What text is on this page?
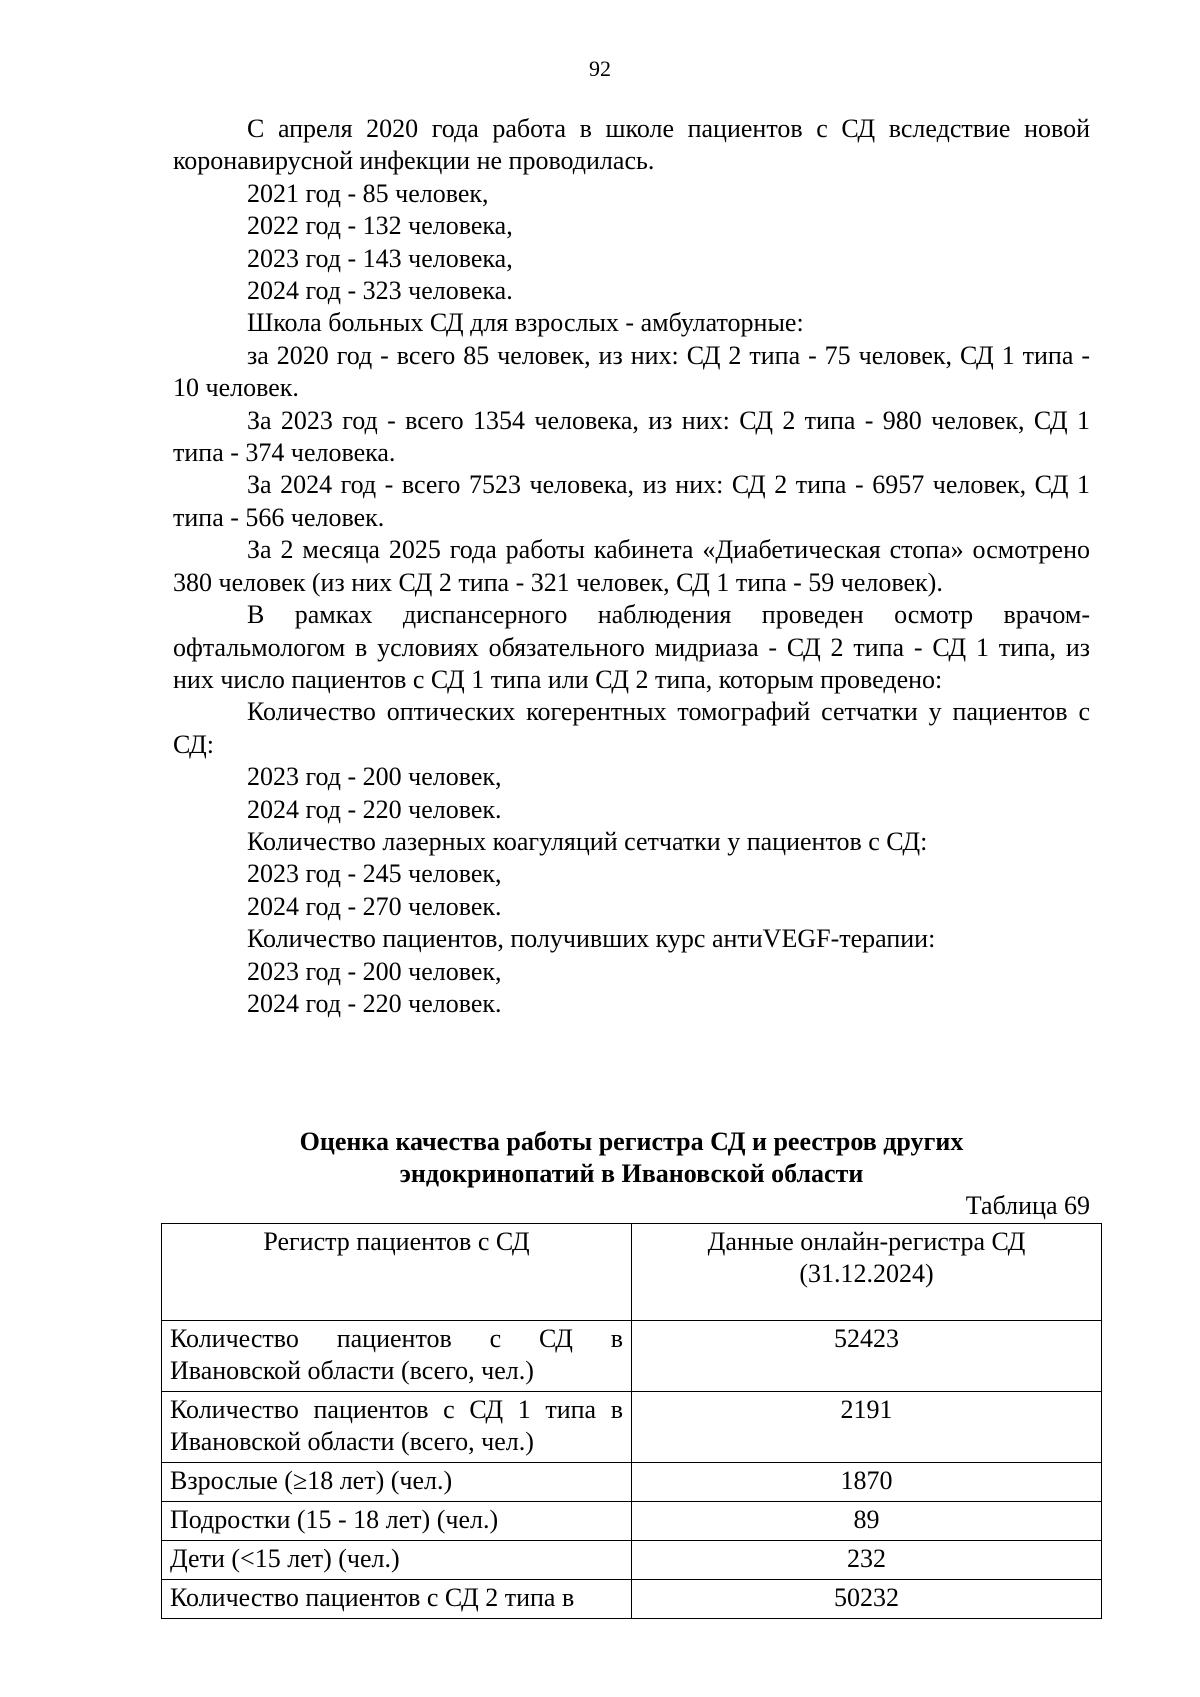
92

С апреля 2020 года работа в школе пациентов с СД вследствие новой коронавирусной инфекции не проводилась.

2021 год - 85 человек,

2022 год - 132 человека,

2023 год - 143 человека,

2024 год - 323 человека.

Школа больных СД для взрослых - амбулаторные:

за 2020 год - всего 85 человек, из них: СД 2 типа - 75 человек, СД 1 типа - 10 человек.

За 2023 год - всего 1354 человека, из них: СД 2 типа - 980 человек, СД 1 типа - 374 человека.

За 2024 год - всего 7523 человека, из них: СД 2 типа - 6957 человек, СД 1 типа - 566 человек.

За 2 месяца 2025 года работы кабинета «Диабетическая стопа» осмотрено 380 человек (из них СД 2 типа - 321 человек, СД 1 типа - 59 человек).

В рамках диспансерного наблюдения проведен осмотр врачом-офтальмологом в условиях обязательного мидриаза - СД 2 типа - СД 1 типа, из них число пациентов с СД 1 типа или СД 2 типа, которым проведено:

Количество оптических когерентных томографий сетчатки у пациентов с СД:

2023 год - 200 человек,

2024 год - 220 человек.

Количество лазерных коагуляций сетчатки у пациентов с СД:

2023 год - 245 человек,

2024 год - 270 человек.

Количество пациентов, получивших курс антиVEGF-терапии:

2023 год - 200 человек,

2024 год - 220 человек.

Оценка качества работы регистра СД и реестров других
эндокринопатий в Ивановской области
Таблица 69
Регистр пациентов с СД	Данные онлайн-регистра СД
(31.12.2024)

Количество пациентов с СД в
Ивановской области (всего, чел.)	52423

Количество пациентов с СД 1 типа в
Ивановской области (всего, чел.)	2191
Взрослые (≥18 лет) (чел.)	1870
Подростки (15 - 18 лет) (чел.)	89
Дети (<15 лет) (чел.)	232
Количество пациентов с СД 2 типа в	50232
